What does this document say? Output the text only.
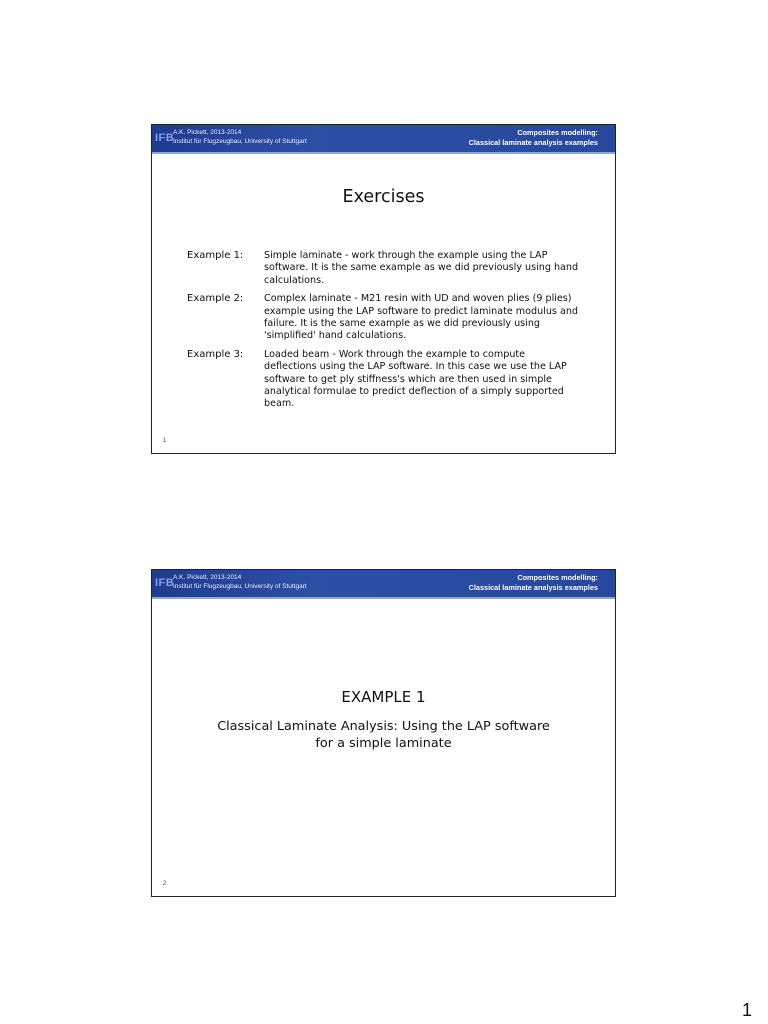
IFB
A.K. Pickett, 2013-2014
Institut für Flugzeugbau, University of Stuttgart
Composites modelling:
Classical laminate analysis examples
Exercises
Example 1:	Simple laminate - work through the example using the LAP software. It is the same example as we did previously using hand calculations.
Example 2:	Complex laminate - M21 resin with UD and woven plies (9 plies) example using the LAP software to predict laminate modulus and failure. It is the same example as we did previously using 'simplified' hand calculations.
Example 3:	Loaded beam - Work through the example to compute deflections using the LAP software. In this case we use the LAP software to get ply stiffness's which are then used in simple analytical formulae to predict deflection of a simply supported beam.
1
IFB
A.K. Pickett, 2013-2014
Institut für Flugzeugbau, University of Stuttgart
Composites modelling:
Classical laminate analysis examples
EXAMPLE 1
Classical Laminate Analysis: Using the LAP software for a simple laminate
2
1
